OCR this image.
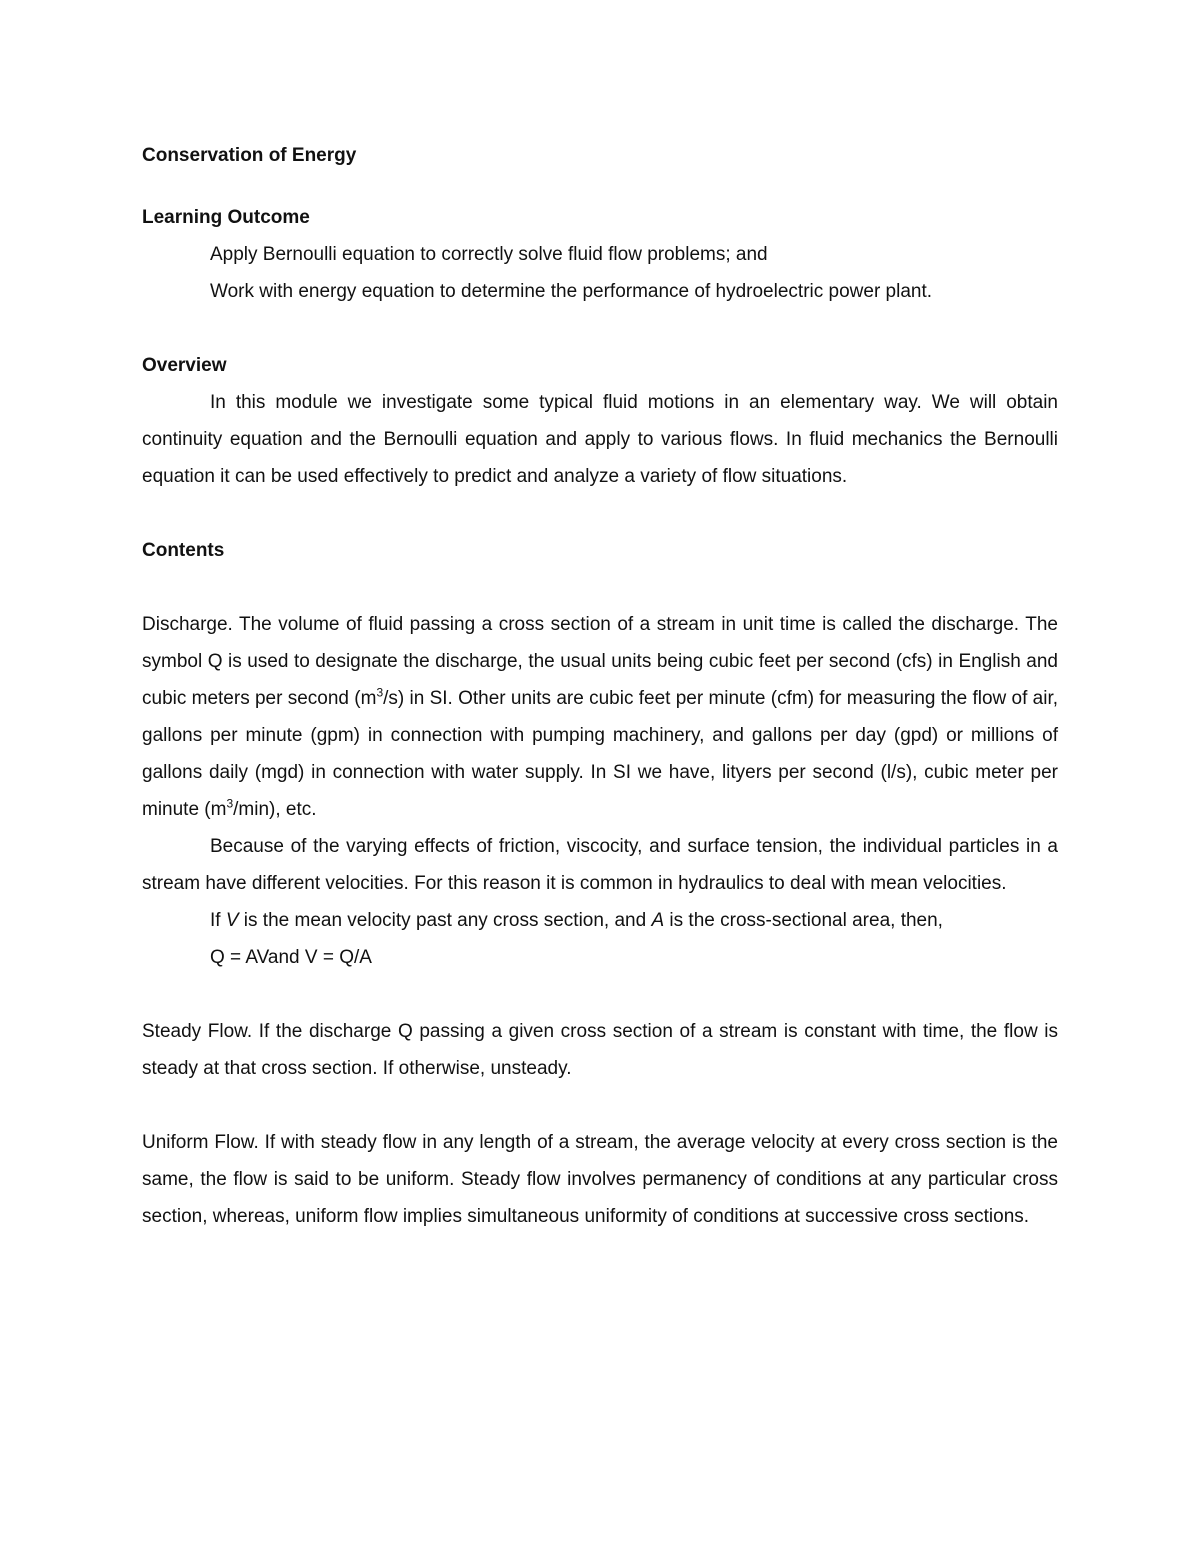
Conservation of Energy
Learning Outcome
Apply Bernoulli equation to correctly solve fluid flow problems; and
Work with energy equation to determine the performance of hydroelectric power plant.
Overview

In this module we investigate some typical fluid motions in an elementary way. We will obtain continuity equation and the Bernoulli equation and apply to various flows. In fluid mechanics the Bernoulli equation it can be used effectively to predict and analyze a variety of flow situations.

Contents

Discharge. The volume of fluid passing a cross section of a stream in unit time is called the discharge. The symbol Q is used to designate the discharge, the usual units being cubic feet per second (cfs) in English and cubic meters per second $(m^3/s)$ in SI. Other units are cubic feet per minute (cfm) for measuring the flow of air, gallons per minute (gpm) in connection with pumping machinery, and gallons per day (gpd) or millions of gallons daily (mgd) in connection with water supply. In SI we have, lityers per second (l/s), cubic meter per minute $(m^3/\min)$, etc.

Because of the varying effects of friction, viscocity, and surface tension, the individual particles in a stream have different velocities. For this reason it is common in hydraulics to deal with mean velocities.

If V is the mean velocity past any cross section, and A is the cross-sectional area, then,

Q = AVand V = Q/A

Steady Flow. If the discharge Q passing a given cross section of a stream is constant with time, the flow is steady at that cross section. If otherwise, unsteady.

Uniform Flow. If with steady flow in any length of a stream, the average velocity at every cross section is the same, the flow is said to be uniform. Steady flow involves permanency of conditions at any particular cross section, whereas, uniform flow implies simultaneous uniformity of conditions at successive cross sections.
